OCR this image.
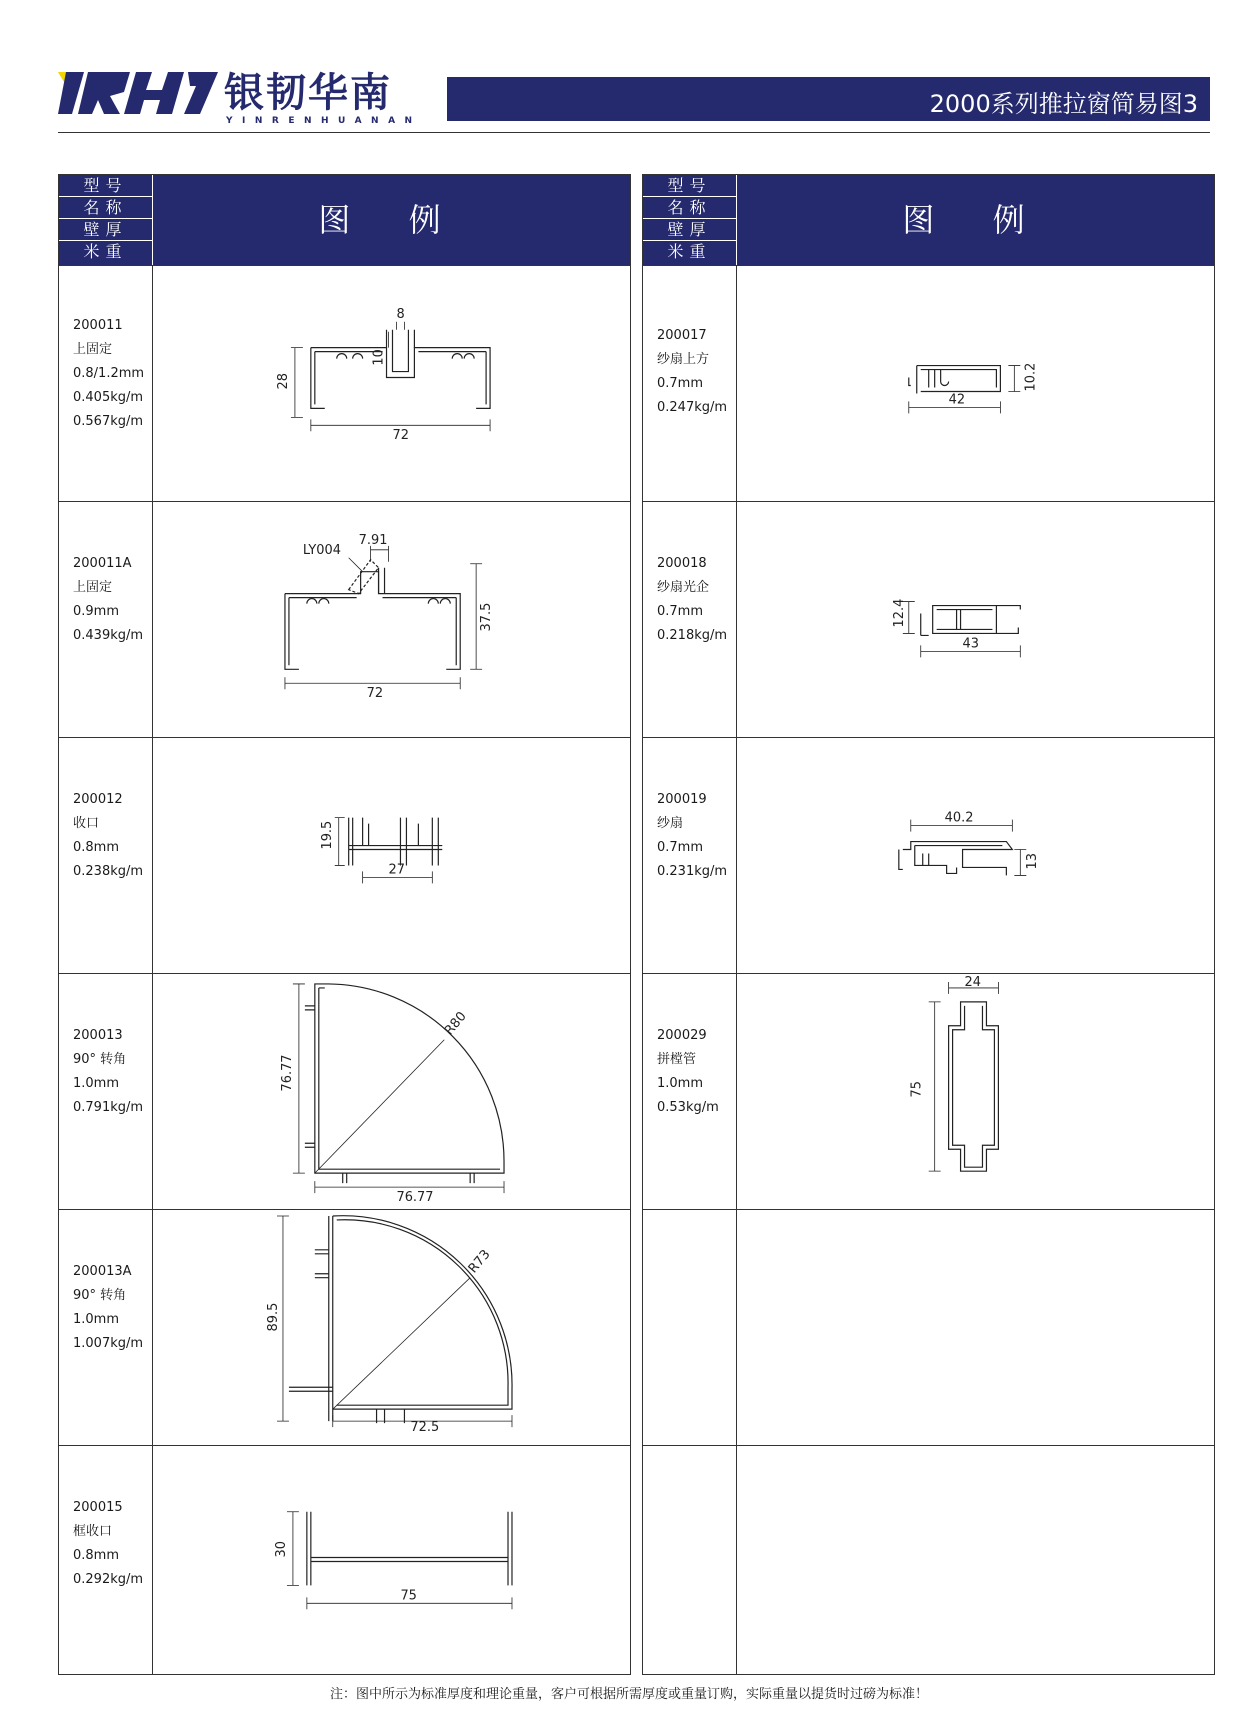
银韧华南
YINRENHUANAN
2000系列推拉窗简易图3
型号
名称
壁厚
米重
图 例
200011
上固定
0.8/1.2mm
0.405kg/m
0.567kg/m
8
10
28
72
200011A
上固定
0.9mm
0.439kg/m
LY004
7.91
37.5
72
200012
收口
0.8mm
0.238kg/m
19.5
27
200013
90° 转角
1.0mm
0.791kg/m
76.77
R80
76.77
200013A
90° 转角
1.0mm
1.007kg/m
89.5
R73
72.5
200015
框收口
0.8mm
0.292kg/m
30
75
型号
名称
壁厚
米重
图 例
200017
纱扇上方
0.7mm
0.247kg/m
10.2
42
200018
纱扇光企
0.7mm
0.218kg/m
12.4
43
200019
纱扇
0.7mm
0.231kg/m
40.2
13
200029
拼樘管
1.0mm
0.53kg/m
24
75
注：图中所示为标准厚度和理论重量，客户可根据所需厚度或重量订购，实际重量以提货时过磅为标准！
